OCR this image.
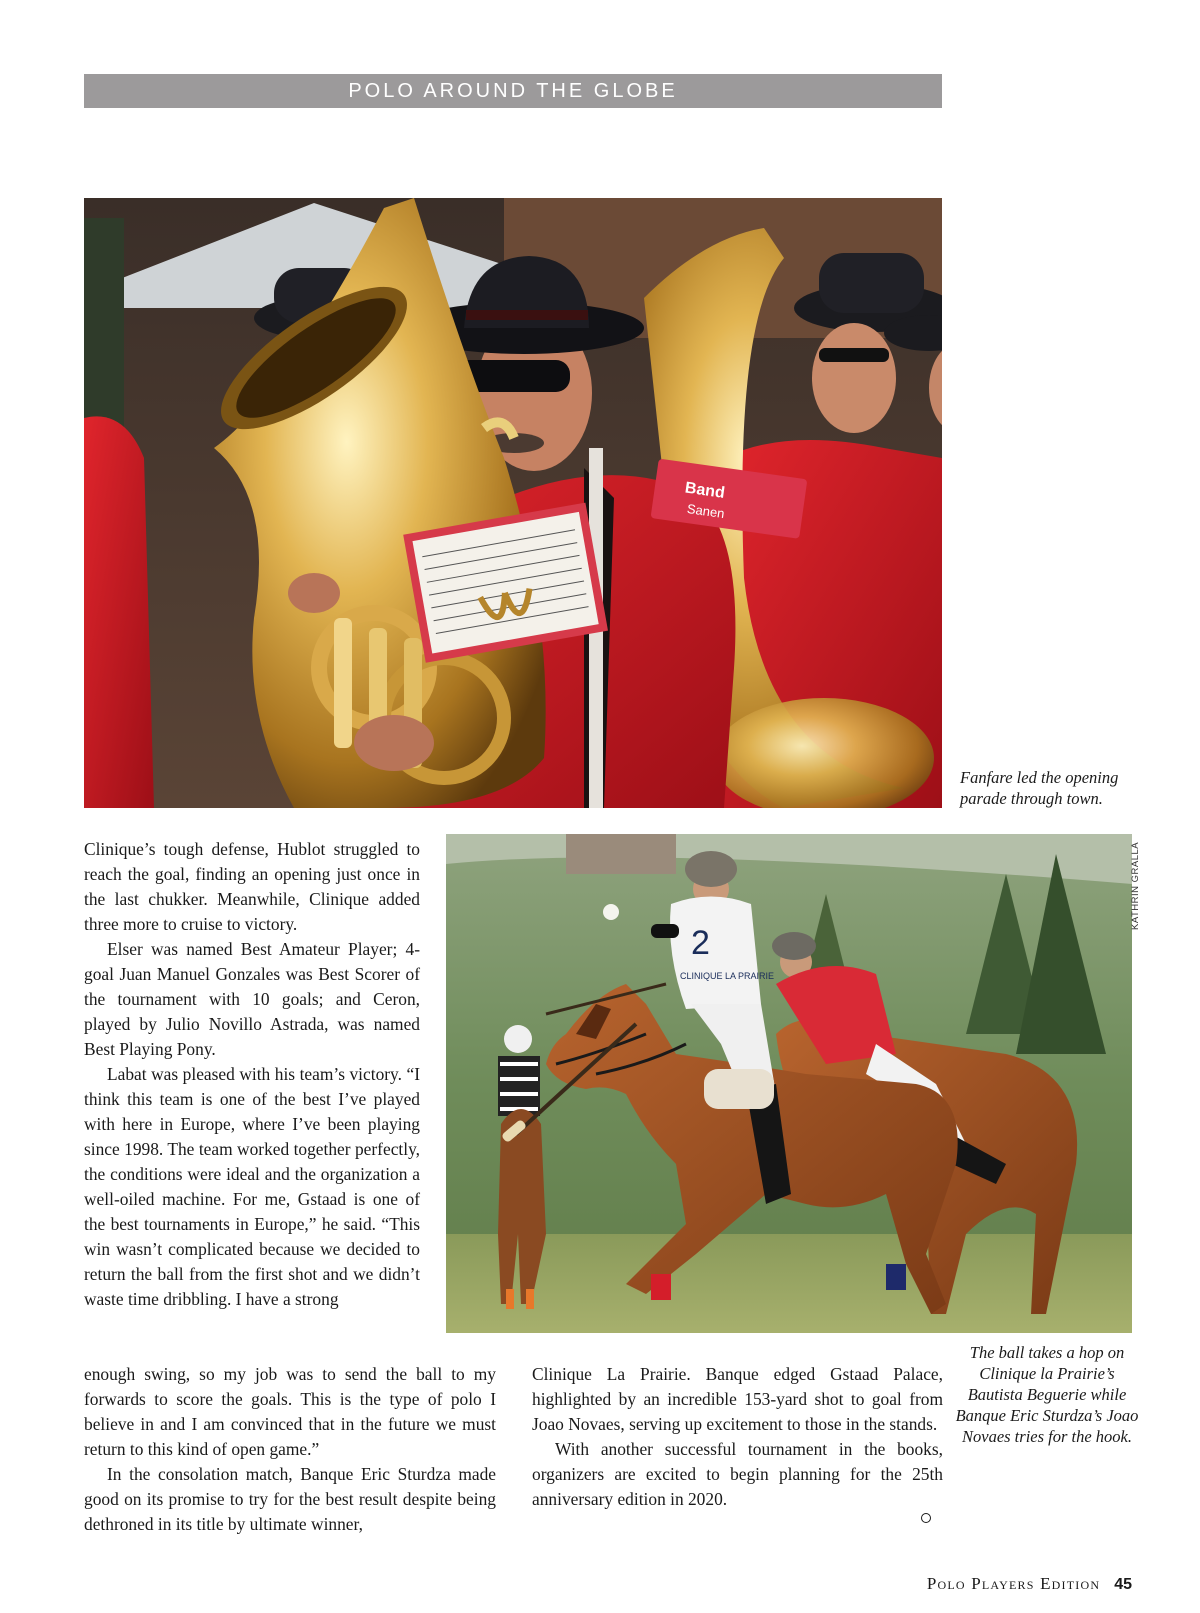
POLO AROUND THE GLOBE
Band
Sanen
Fanfare led the opening parade through town.

Clinique’s tough defense, Hublot struggled to reach the goal, finding an opening just once in the last chukker. Meanwhile, Clinique added three more to cruise to victory.

Elser was named Best Amateur Player; 4-goal Juan Manuel Gonzales was Best Scorer of the tournament with 10 goals; and Ceron, played by Julio Novillo Astrada, was named Best Playing Pony.

Labat was pleased with his team’s victory. “I think this team is one of the best I’ve played with here in Europe, where I’ve been playing since 1998. The team worked together perfectly, the conditions were ideal and the organization a well-oiled machine. For me, Gstaad is one of the best tournaments in Europe,” he said. “This win wasn’t complicated because we decided to return the ball from the first shot and we didn’t waste time dribbling. I have a strong

2
CLINIQUE LA PRAIRIE
KATHRIN GRALLA
The ball takes a hop on Clinique la Prairie’s Bautista Beguerie while Banque Eric Sturdza’s Joao Novaes tries for the hook.

enough swing, so my job was to send the ball to my forwards to score the goals. This is the type of polo I believe in and I am convinced that in the future we must return to this kind of open game.”

In the consolation match, Banque Eric Sturdza made good on its promise to try for the best result despite being dethroned in its title by ultimate winner,

Clinique La Prairie. Banque edged Gstaad Palace, highlighted by an incredible 153-yard shot to goal from Joao Novaes, serving up excitement to those in the stands.

With another successful tournament in the books, organizers are excited to begin planning for the 25th anniversary edition in 2020.

Polo Players Edition 45
